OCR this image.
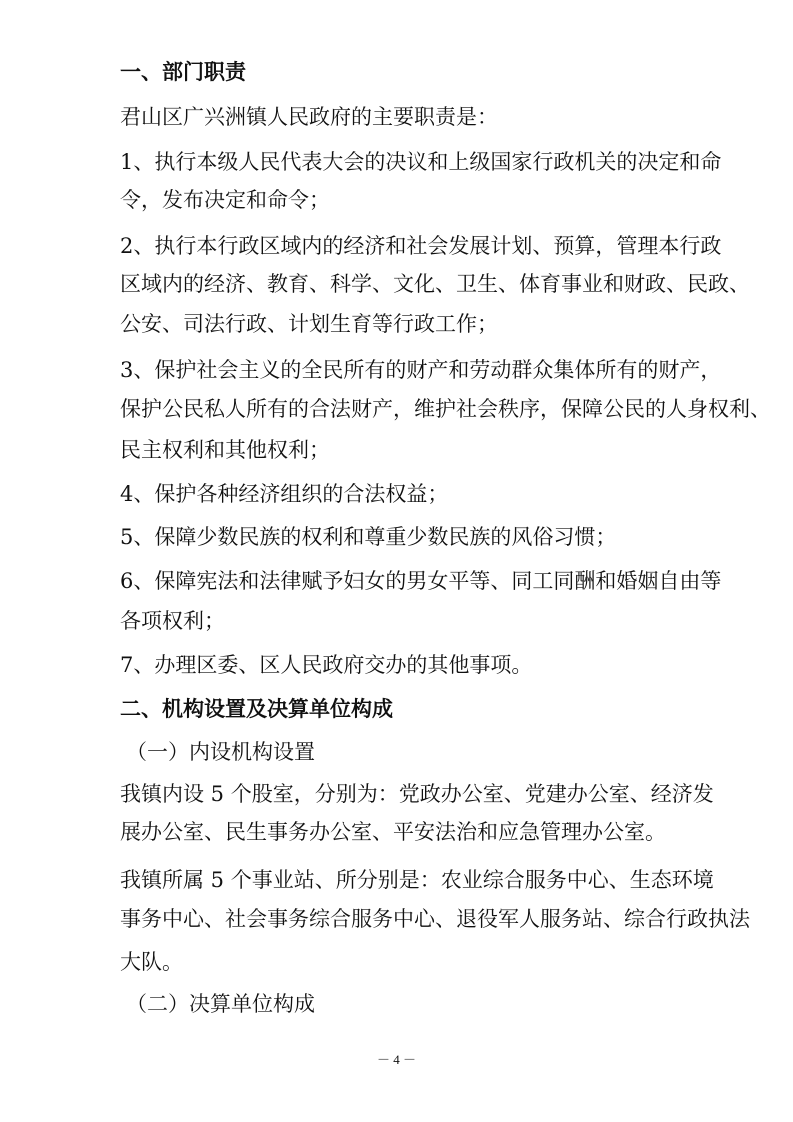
一、部门职责
君山区广兴洲镇人民政府的主要职责是：
1、执行本级人民代表大会的决议和上级国家行政机关的决定和命
令，发布决定和命令；
2、执行本行政区域内的经济和社会发展计划、预算，管理本行政
区域内的经济、教育、科学、文化、卫生、体育事业和财政、民政、
公安、司法行政、计划生育等行政工作；
3、保护社会主义的全民所有的财产和劳动群众集体所有的财产，
保护公民私人所有的合法财产，维护社会秩序，保障公民的人身权利、
民主权利和其他权利；
4、保护各种经济组织的合法权益；
5、保障少数民族的权利和尊重少数民族的风俗习惯；
6、保障宪法和法律赋予妇女的男女平等、同工同酬和婚姻自由等
各项权利；
7、办理区委、区人民政府交办的其他事项。
二、机构设置及决算单位构成
（一）内设机构设置
我镇内设 5 个股室，分别为：党政办公室、党建办公室、经济发
展办公室、民生事务办公室、平安法治和应急管理办公室。
我镇所属 5 个事业站、所分别是：农业综合服务中心、生态环境
事务中心、社会事务综合服务中心、退役军人服务站、综合行政执法
大队。
（二）决算单位构成
－ 4 －
